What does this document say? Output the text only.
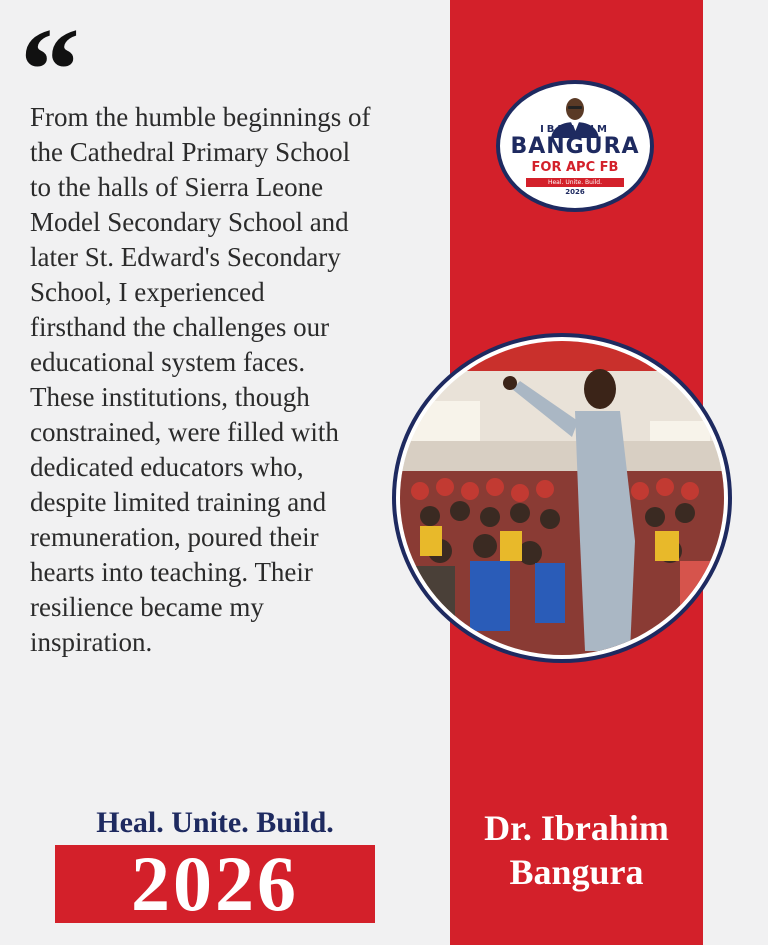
“
From the humble beginnings of
the Cathedral Primary School
to the halls of Sierra Leone
Model Secondary School and
later St. Edward's Secondary
School, I experienced
firsthand the challenges our
educational system faces.
These institutions, though
constrained, were filled with
dedicated educators who,
despite limited training and
remuneration, poured their
hearts into teaching. Their
resilience became my
inspiration.
IBRAHIM
BANGURA
FOR APC FB
Heal. Unite. Build.
2026
Heal. Unite. Build.
2026
Dr. Ibrahim
Bangura
